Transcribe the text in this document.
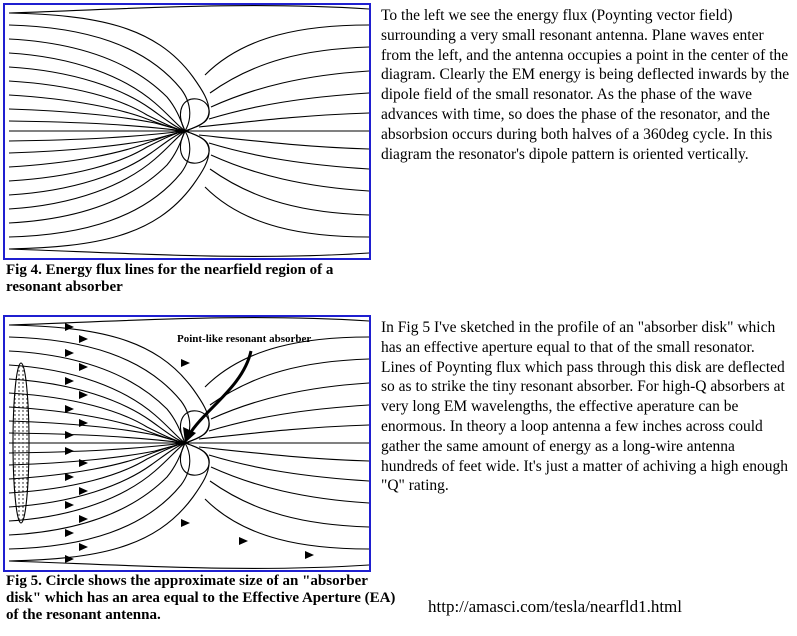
Fig 4. Energy flux lines for the nearfield region of a resonant absorber

To the left we see the energy flux (Poynting vector field) surrounding a very small resonant antenna. Plane waves enter from the left, and the antenna occupies a point in the center of the diagram. Clearly the EM energy is being deflected inwards by the dipole field of the small resonator. As the phase of the wave advances with time, so does the phase of the resonator, and the absorbsion occurs during both halves of a 360deg cycle. In this diagram the resonator's dipole pattern is oriented vertically.

Point-like resonant absorber

Fig 5. Circle shows the approximate size of an "absorber disk" which has an area equal to the Effective Aperture (EA) of the resonant antenna.

In Fig 5 I've sketched in the profile of an "absorber disk" which has an effective aperture equal to that of the small resonator. Lines of Poynting flux which pass through this disk are deflected so as to strike the tiny resonant absorber. For high-Q absorbers at very long EM wavelengths, the effective aperature can be enormous. In theory a loop antenna a few inches across could gather the same amount of energy as a long-wire antenna hundreds of feet wide. It's just a matter of achiving a high enough "Q" rating.

http://amasci.com/tesla/nearfld1.html
